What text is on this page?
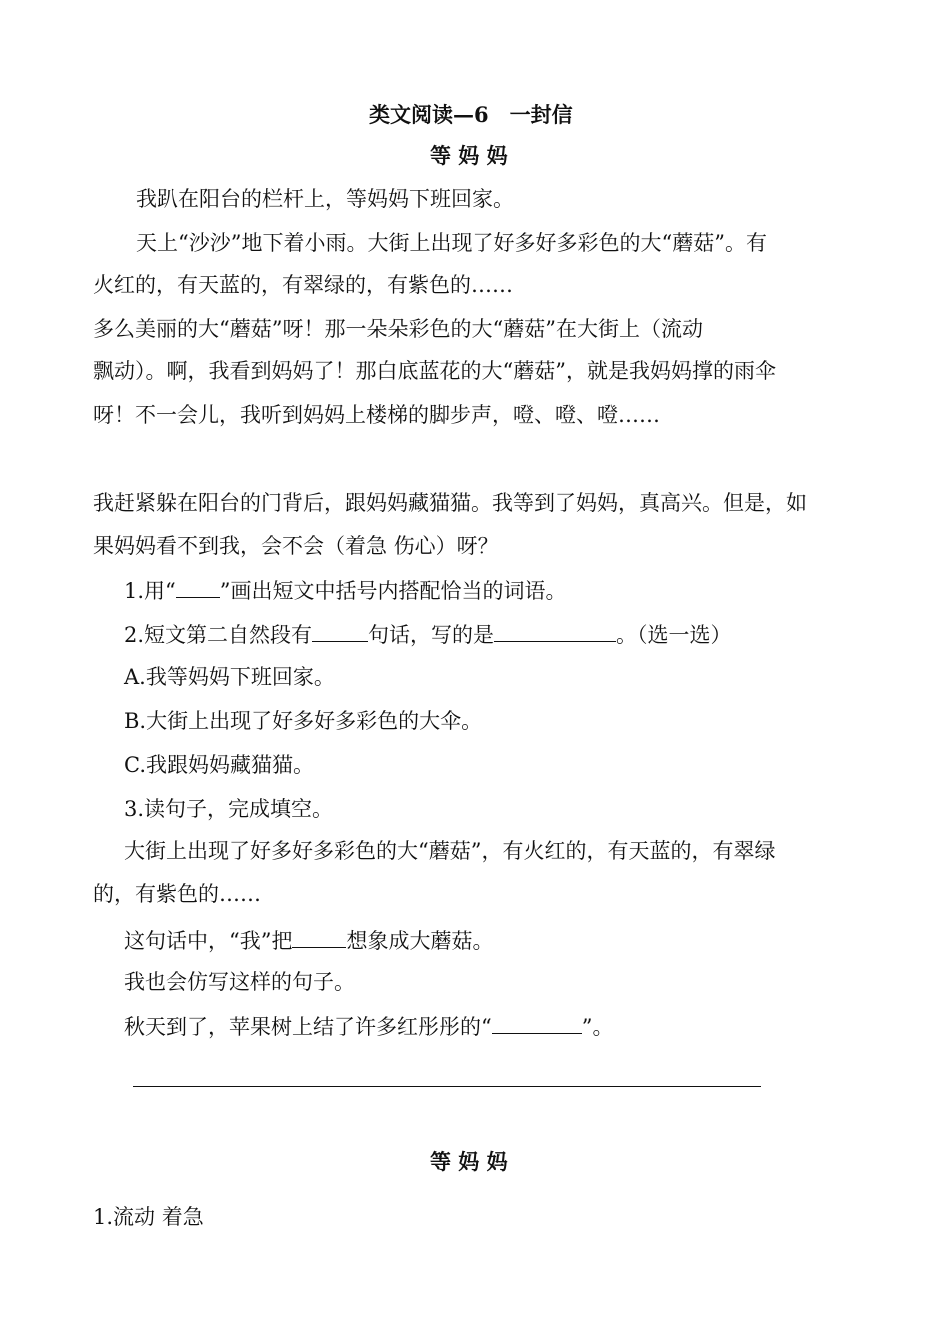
类文阅读—6　一封信
等 妈 妈
我趴在阳台的栏杆上，等妈妈下班回家。
天上“沙沙”地下着小雨。大街上出现了好多好多彩色的大“蘑菇”。有
火红的，有天蓝的，有翠绿的，有紫色的……
多么美丽的大“蘑菇”呀！那一朵朵彩色的大“蘑菇”在大街上（流动
飘动）。啊，我看到妈妈了！那白底蓝花的大“蘑菇”，就是我妈妈撑的雨伞
呀！不一会儿，我听到妈妈上楼梯的脚步声，噔、噔、噔……
我赶紧躲在阳台的门背后，跟妈妈藏猫猫。我等到了妈妈，真高兴。但是，如
果妈妈看不到我，会不会（着急 伤心）呀？
1.用“ ”画出短文中括号内搭配恰当的词语。
2.短文第二自然段有	句话，写的是	。（选一选）
A.我等妈妈下班回家。
B.大街上出现了好多好多彩色的大伞。
C.我跟妈妈藏猫猫。
3.读句子，完成填空。
大街上出现了好多好多彩色的大“蘑菇”，有火红的，有天蓝的，有翠绿
的，有紫色的……
这句话中，“我”把	想象成大蘑菇。
我也会仿写这样的句子。
秋天到了，苹果树上结了许多红彤彤的“	”。
等 妈 妈
1.流动 着急
